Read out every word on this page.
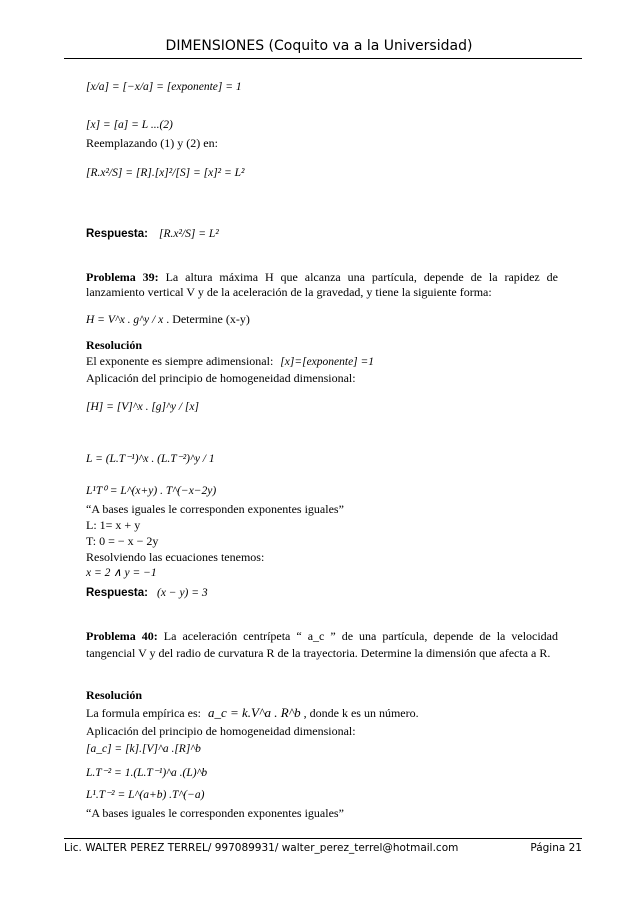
DIMENSIONES (Coquito va a la Universidad)
[x/a] = [−x/a] = [exponente] = 1
[x] = [a] = L ...(2)
Reemplazando (1) y (2) en:
[R.x²/S] = [R].[x]²/[S] = [x]² = L²
Respuesta: [R.x²/S] = L²
Problema 39: La altura máxima H que alcanza una partícula, depende de la rapidez de lanzamiento vertical V y de la aceleración de la gravedad, y tiene la siguiente forma:
H = V^x . g^y / x . Determine (x-y)
Resolución
El exponente es siempre adimensional: [x]=[exponente] =1
Aplicación del principio de homogeneidad dimensional:
[H] = [V]^x . [g]^y / [x]
L = (L.T⁻¹)^x . (L.T⁻²)^y / 1
L¹T⁰ = L^(x+y) . T^(−x−2y)
“A bases iguales le corresponden exponentes iguales”
L: 1= x + y
T: 0 = − x − 2y
Resolviendo las ecuaciones tenemos:
x = 2 ∧ y = −1
Respuesta: (x − y) = 3
Problema 40: La aceleración centrípeta “ a_c ” de una partícula, depende de la velocidad tangencial V y del radio de curvatura R de la trayectoria. Determine la dimensión que afecta a R.
Resolución
La formula empírica es: a_c = k.V^a . R^b , donde k es un número.
Aplicación del principio de homogeneidad dimensional:
[a_c] = [k].[V]^a .[R]^b
L.T⁻² = 1.(L.T⁻¹)^a .(L)^b
L¹.T⁻² = L^(a+b) .T^(−a)
“A bases iguales le corresponden exponentes iguales”
Lic. WALTER PEREZ TERREL/ 997089931/ walter_perez_terrel@hotmail.com	Página 21
